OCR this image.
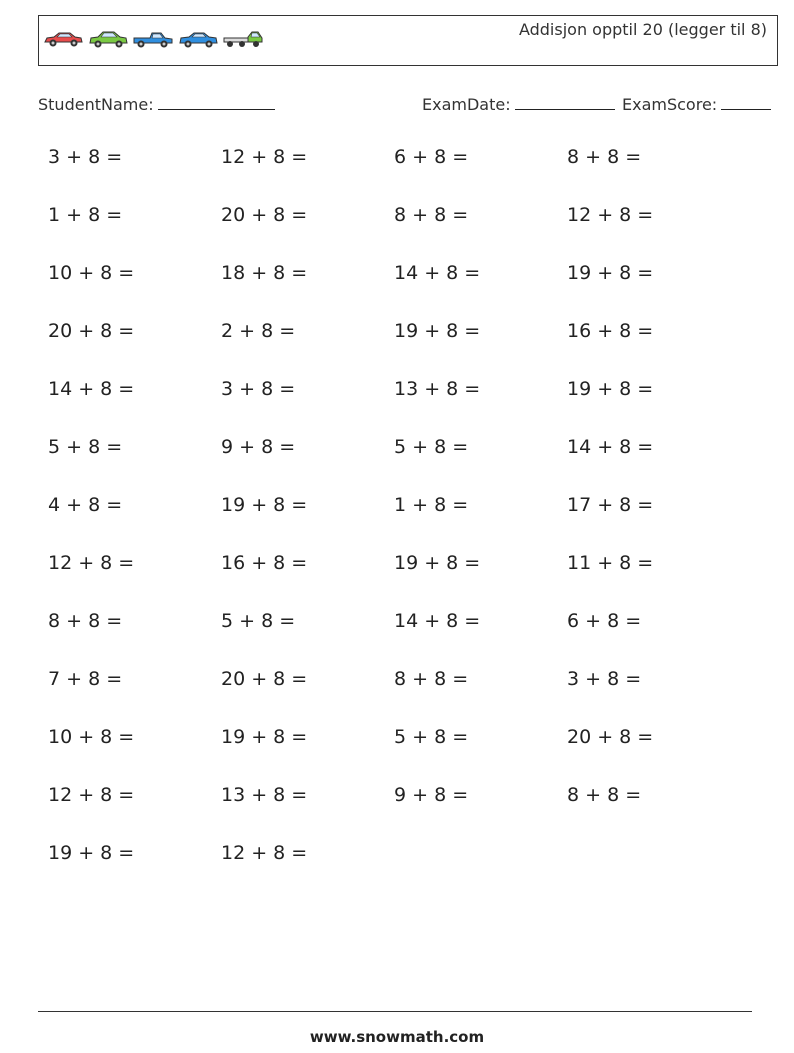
Addisjon opptil 20 (legger til 8)
StudentName:	ExamDate:	ExamScore:
3 + 8 =	12 + 8 =	6 + 8 =	8 + 8 =
1 + 8 =	20 + 8 =	8 + 8 =	12 + 8 =
10 + 8 =	18 + 8 =	14 + 8 =	19 + 8 =
20 + 8 =	2 + 8 =	19 + 8 =	16 + 8 =
14 + 8 =	3 + 8 =	13 + 8 =	19 + 8 =
5 + 8 =	9 + 8 =	5 + 8 =	14 + 8 =
4 + 8 =	19 + 8 =	1 + 8 =	17 + 8 =
12 + 8 =	16 + 8 =	19 + 8 =	11 + 8 =
8 + 8 =	5 + 8 =	14 + 8 =	6 + 8 =
7 + 8 =	20 + 8 =	8 + 8 =	3 + 8 =
10 + 8 =	19 + 8 =	5 + 8 =	20 + 8 =
12 + 8 =	13 + 8 =	9 + 8 =	8 + 8 =
19 + 8 =	12 + 8 =
www.snowmath.com
